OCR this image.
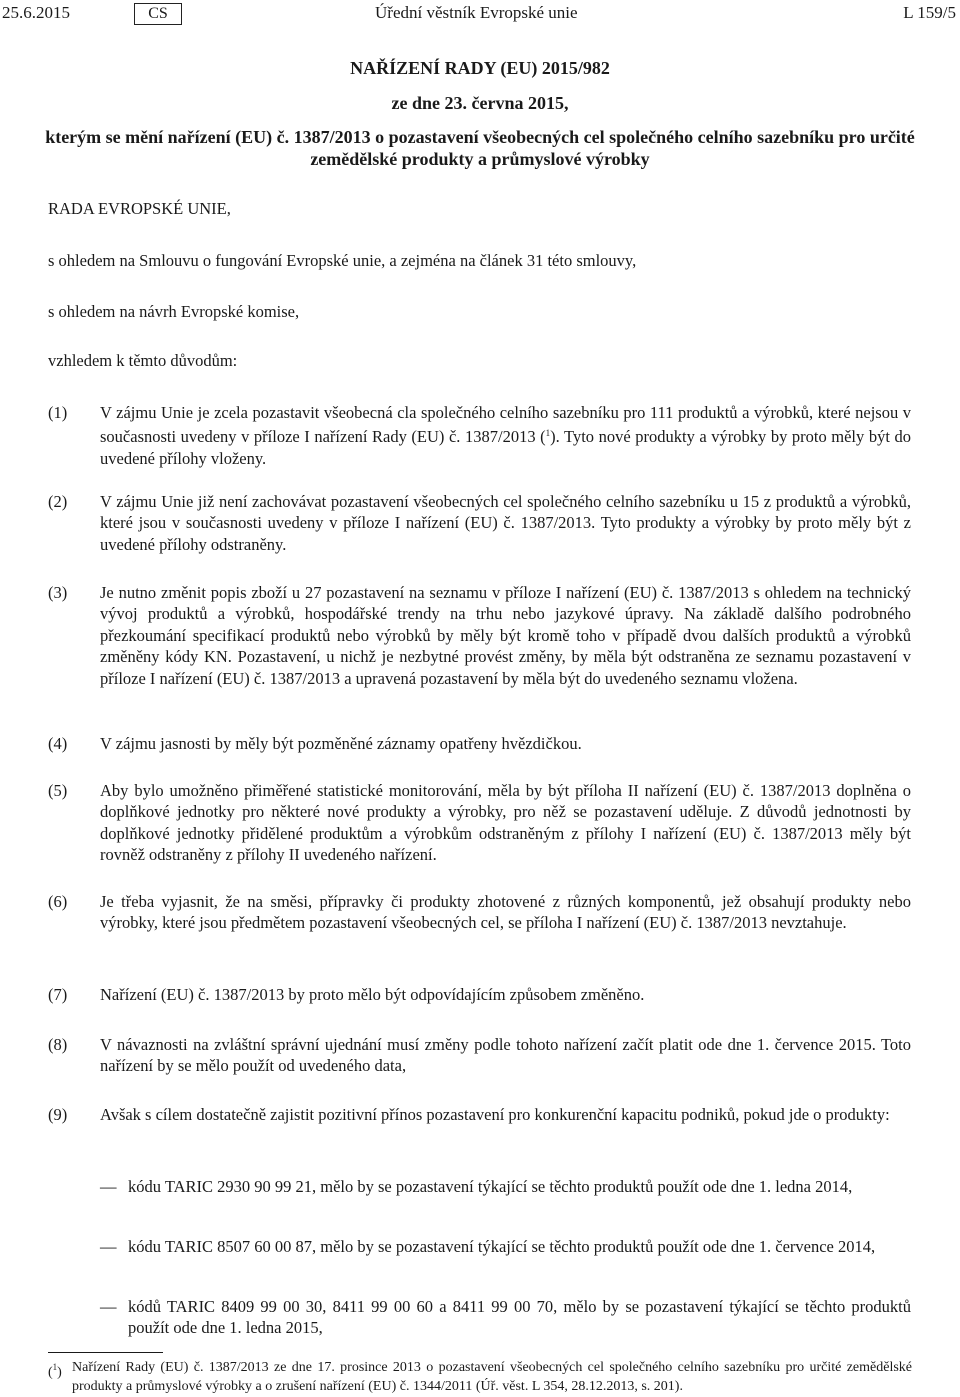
25.6.2015	CS	Úřední věstník Evropské unie	L 159/5
NAŘÍZENÍ RADY (EU) 2015/982
ze dne 23. června 2015,
kterým se mění nařízení (EU) č. 1387/2013 o pozastavení všeobecných cel společného celního sazebníku pro určité zemědělské produkty a průmyslové výrobky
RADA EVROPSKÉ UNIE,
s ohledem na Smlouvu o fungování Evropské unie, a zejména na článek 31 této smlouvy,
s ohledem na návrh Evropské komise,
vzhledem k těmto důvodům:
(1)	V zájmu Unie je zcela pozastavit všeobecná cla společného celního sazebníku pro 111 produktů a výrobků, které nejsou v současnosti uvedeny v příloze I nařízení Rady (EU) č. 1387/2013 ($^1$). Tyto nové produkty a výrobky by proto měly být do uvedené přílohy vloženy.
(2)	V zájmu Unie již není zachovávat pozastavení všeobecných cel společného celního sazebníku u 15 z produktů a výrobků, které jsou v současnosti uvedeny v příloze I nařízení (EU) č. 1387/2013. Tyto produkty a výrobky by proto měly být z uvedené přílohy odstraněny.
(3)	Je nutno změnit popis zboží u 27 pozastavení na seznamu v příloze I nařízení (EU) č. 1387/2013 s ohledem na technický vývoj produktů a výrobků, hospodářské trendy na trhu nebo jazykové úpravy. Na základě dalšího podrobného přezkoumání specifikací produktů nebo výrobků by měly být kromě toho v případě dvou dalších produktů a výrobků změněny kódy KN. Pozastavení, u nichž je nezbytné provést změny, by měla být odstraněna ze seznamu pozastavení v příloze I nařízení (EU) č. 1387/2013 a upravená pozastavení by měla být do uvedeného seznamu vložena.
(4)	V zájmu jasnosti by měly být pozměněné záznamy opatřeny hvězdičkou.
(5)	Aby bylo umožněno přiměřené statistické monitorování, měla by být příloha II nařízení (EU) č. 1387/2013 doplněna o doplňkové jednotky pro některé nové produkty a výrobky, pro něž se pozastavení uděluje. Z důvodů jednotnosti by doplňkové jednotky přidělené produktům a výrobkům odstraněným z přílohy I nařízení (EU) č. 1387/2013 měly být rovněž odstraněny z přílohy II uvedeného nařízení.
(6)	Je třeba vyjasnit, že na směsi, přípravky či produkty zhotovené z různých komponentů, jež obsahují produkty nebo výrobky, které jsou předmětem pozastavení všeobecných cel, se příloha I nařízení (EU) č. 1387/2013 nevztahuje.
(7)	Nařízení (EU) č. 1387/2013 by proto mělo být odpovídajícím způsobem změněno.
(8)	V návaznosti na zvláštní správní ujednání musí změny podle tohoto nařízení začít platit ode dne 1. července 2015. Toto nařízení by se mělo použít od uvedeného data,
(9)	Avšak s cílem dostatečně zajistit pozitivní přínos pozastavení pro konkurenční kapacitu podniků, pokud jde o produkty:
— kódu TARIC 2930 90 99 21, mělo by se pozastavení týkající se těchto produktů použít ode dne 1. ledna 2014,
— kódu TARIC 8507 60 00 87, mělo by se pozastavení týkající se těchto produktů použít ode dne 1. července 2014,
— kódů TARIC 8409 99 00 30, 8411 99 00 60 a 8411 99 00 70, mělo by se pozastavení týkající se těchto produktů použít ode dne 1. ledna 2015,
($^1$) Nařízení Rady (EU) č. 1387/2013 ze dne 17. prosince 2013 o pozastavení všeobecných cel společného celního sazebníku pro určité zemědělské produkty a průmyslové výrobky a o zrušení nařízení (EU) č. 1344/2011 (Úř. věst. L 354, 28.12.2013, s. 201).
